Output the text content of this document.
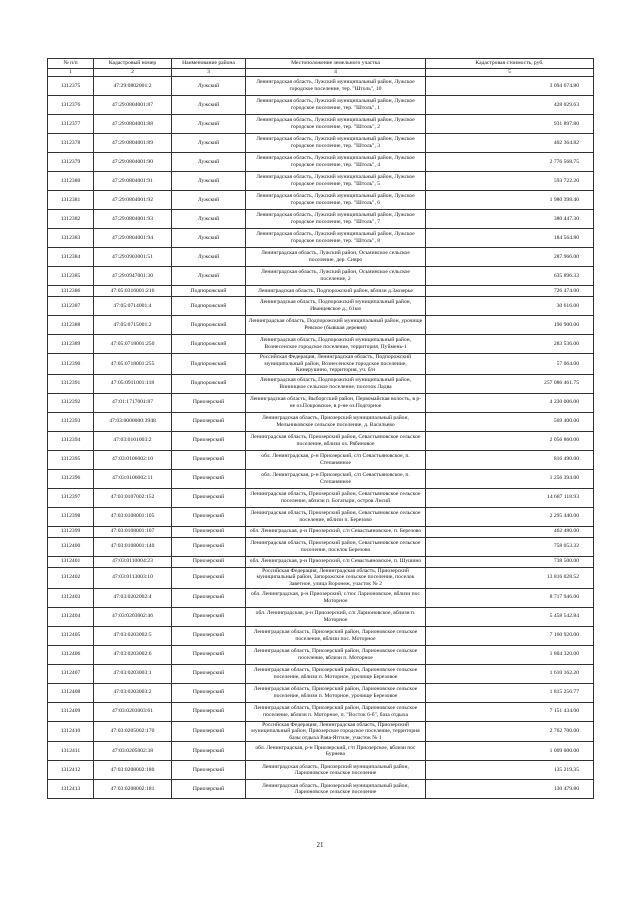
№ п/п	Кадастровый номер	Наименование района	Местоположение земельного участка	Кадастровая стоимость, руб.
1	2	3	4	5
1312375	47:29:0802001:2	Лужский	Ленинградская область, Лужский муниципальный район, Лужское городское поселение, тер. "Штоль", 10	3 094 674.80
1312376	47:29:0804001:87	Лужский	Ленинградская область, Лужский муниципальный район, Лужское городское поселение, тер. "Штоль", 1	428 029.63
1312377	47:29:0804001:88	Лужский	Ленинградская область, Лужский муниципальный район, Лужское городское поселение, тер. "Штоль", 2	931 897.80
1312378	47:29:0804001:89	Лужский	Ленинградская область, Лужский муниципальный район, Лужское городское поселение, тер. "Штоль", 3	402 364.82
1312379	47:29:0804001:90	Лужский	Ленинградская область, Лужский муниципальный район, Лужское городское поселение, тер. "Штоль", 4	2 776 568.75
1312380	47:29:0804001:91	Лужский	Ленинградская область, Лужский муниципальный район, Лужское городское поселение, тер. "Штоль", 5	593 722.20
1312381	47:29:0804001:92	Лужский	Ленинградская область, Лужский муниципальный район, Лужское городское поселение, тер. "Штоль", 6	1 980 398.40
1312382	47:29:0804001:93	Лужский	Ленинградская область, Лужский муниципальный район, Лужское городское поселение, тер. "Штоль", 7	380 447.30
1312383	47:29:0804001:94	Лужский	Ленинградская область, Лужский муниципальный район, Лужское городское поселение, тер. "Штоль", 8	184 564.80
1312384	47:29:0903001:51	Лужский	Ленинградская область, Лужский район, Осьминское сельское поселение, дер. Сивро	287 966.00
1312385	47:29:0947001:30	Лужский	Ленинградская область, Лужский район, Осьминское сельское поселение, 2	635 896.33
1312386	47:05:0316001:216	Подпорожский	Ленинградская область, Подпорожский район, вблизи д.Заозерье	726 474.00
1312387	47:05:0714001:4	Подпорожский	Ленинградская область, Подпорожский муниципальный район, Иванцевское д., 61км	30 616.00
1312388	47:05:0715001:2	Подпорожский	Ленинградская область, Подпорожский муниципальный район, урочище Ревское (бывшая деревня)	196 900.00
1312389	47:05:0718001:250	Подпорожский	Ленинградская область, Подпорожский муниципальный район, Вознесенское городское поселение, территория, Пуймень-1	283 536.00
1312390	47:05:0718001:255	Подпорожский	Российская Федерация, Ленинградская область, Подпорожский муниципальный район, Вознесенское городское поселение, Кинерушино, территория, уч. б/н	57 064.00
1312391	47:05:0911001:118	Подпорожский	Ленинградская область, Подпорожский муниципальный район, Винницкое сельское поселение, поселок Ладва	257 086 461.75
1312392	47:01:1717001:87	Приозерский	Ленинградская область, Выборгский район, Первомайская волость, в р-не оз.Покровское, в р-не оз.Подгорное	4 230 006.00
1312393	47:03:0000000:3948	Приозерский	Ленинградская область, Приозерский муниципальный район, Мельниковское сельское поселение, д. Васильево	569 400.00
1312394	47:03:0101003:2	Приозерский	Ленинградская область, Приозерский район, Севастьяновское сельское поселение, вблизи оз. Рябиновое	2 056 860.00
1312395	47:03:0106002:10	Приозерский	обл. Ленинградская, р-н Приозерский, с/п Севастьяновское, п. Степанянное	816 490.00
1312396	47:03:0106002:11	Приозерский	обл. Ленинградская, р-н Приозерский, с/п Севастьяновское, п. Степанянное	1 256 394.00
1312397	47:03:0107002:152	Приозерский	Ленинградская область, Приозерский район, Севастьяновское сельское поселение, вблизи п. Богатыри, остров Лисий	14 687 118.93
1312398	47:03:0108001:105	Приозерский	Ленинградская область, Приозерский район, Севастьяновское сельское поселение, вблизи п. Березово	2 295 440.00
1312399	47:03:0108001:107	Приозерский	обл. Ленинградская, р-н Приозерский, с/п Севастьяновское, п. Березово	462 480.00
1312400	47:03:0108001:140	Приозерский	Ленинградская область, Приозерский район, Севастьяновское сельское поселение, поселок Березово	758 053.32
1312401	47:03:0110004:23	Приозерский	обл. Ленинградская, р-н Приозерский, с/п Севастьяновское, п. Шушино	738 500.00
1312402	47:03:0113003:10	Приозерский	Российская Федерация, Ленинградская область, Приозерский муниципальный район, Запорожское сельское поселение, поселок Заветное, улица Воронеж, участок № 2	13 816 028.52
1312403	47:03:0202002:4	Приозерский	обл. Ленинградская, р-н Приозерский, с/пос Ларионовское, вблизи пос Моторное	8 717 946.00
1312404	47:03:0203002:46	Приозерский	обл. Ленинградская, р-н Приозерский, с/п Ларионовское, вблизи п. Моторное	5 458 542.84
1312405	47:03:0203002:5	Приозерский	Ленинградская область, Приозерский район, Ларионовское сельское поселение, вблизи пос. Моторное	7 160 920.00
1312406	47:03:0203002:6	Приозерский	Ленинградская область, Приозерский район, Ларионовское сельское поселение, вблизи п. Моторное	1 804 320.00
1312407	47:03:0203003:1	Приозерский	Ленинградская область, Приозерский район, Ларионовское сельское поселение, вблизи п. Моторное, урочище Березовое	1 610 162.20
1312408	47:03:0203003:2	Приозерский	Ленинградская область, Приозерский район, Ларионовское сельское поселение, вблизи п. Моторное, урочище Березовое	1 815 256.77
1312409	47:03:0203003:61	Приозерский	Ленинградская область, Приозерский район, Ларионовское сельское поселение, вблизи п. Моторное, п. "Восток 6-б", база отдыха	7 151 434.00
1312410	47:03:0205002:170	Приозерский	Российская Федерация, Ленинградская область, Приозерский муниципальный район, Приозерское городское поселение, территория базы отдыха Раяа-Ятгиле, участок № 1	2 762 700.00
1312411	47:03:0205002:38	Приозерский	обл. Ленинградская, р-н Приозерский, г/п Приозерское, вблизи пос Бурнево	1 009 000.00
1312412	47:03:0208002:180	Приозерский	Ленинградская область, Приозерский муниципальный район, Ларионовское сельское поселение	135 219.35
1312413	47:03:0208002:181	Приозерский	Ленинградская область, Приозерский муниципальный район, Ларионовское сельское поселение	130 479.80
21
